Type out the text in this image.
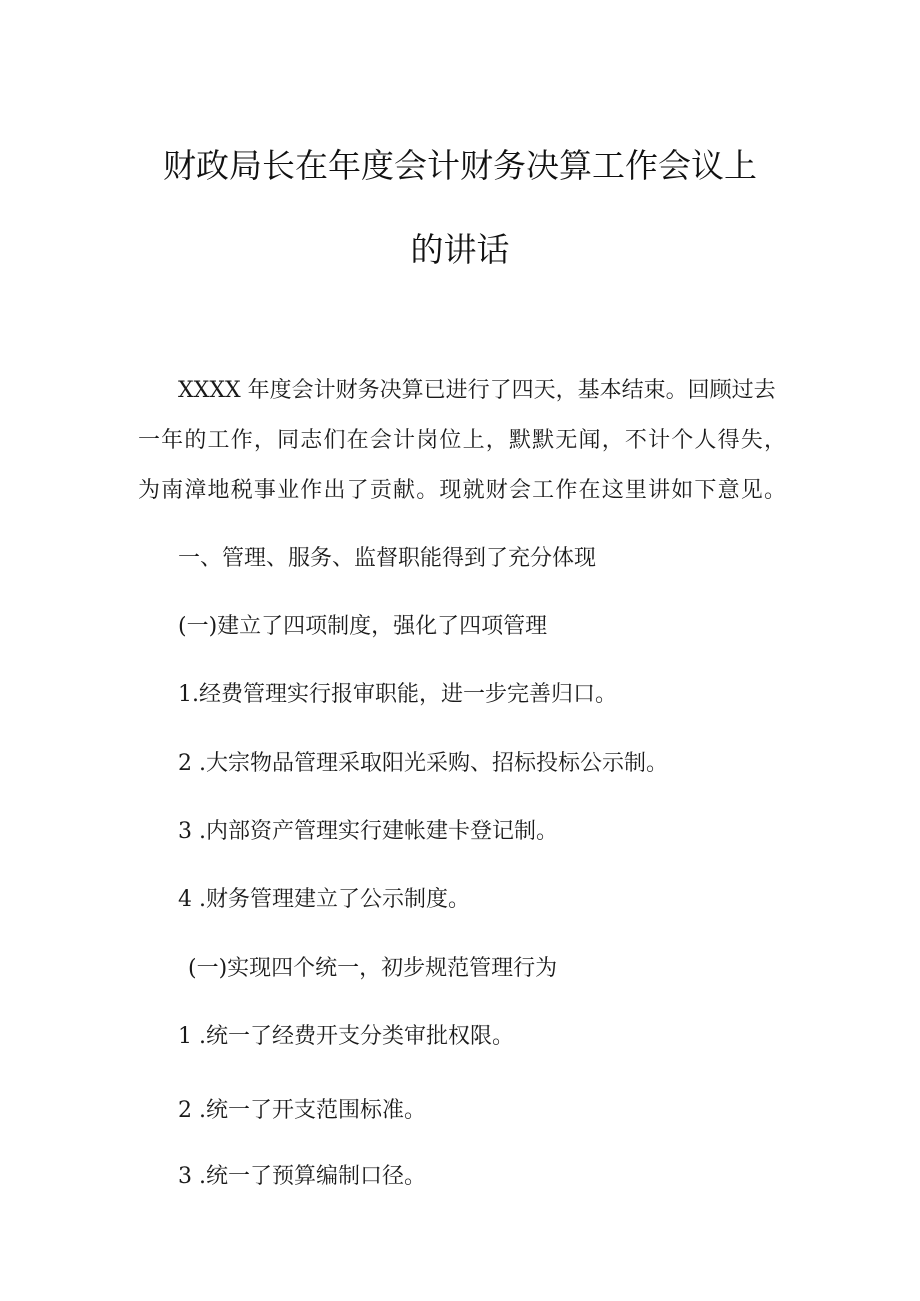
财政局长在年度会计财务决算工作会议上
的讲话
XXXX 年度会计财务决算已进行了四天，基本结束。回顾过去
一年的工作，同志们在会计岗位上，默默无闻，不计个人得失，
为南漳地税事业作出了贡献。现就财会工作在这里讲如下意见。
一、管理、服务、监督职能得到了充分体现
(一)建立了四项制度，强化了四项管理
1.经费管理实行报审职能，进一步完善归口。
2 .大宗物品管理采取阳光采购、招标投标公示制。
3 .内部资产管理实行建帐建卡登记制。
4 .财务管理建立了公示制度。
(一)实现四个统一，初步规范管理行为
1 .统一了经费开支分类审批权限。
2 .统一了开支范围标准。
3 .统一了预算编制口径。
